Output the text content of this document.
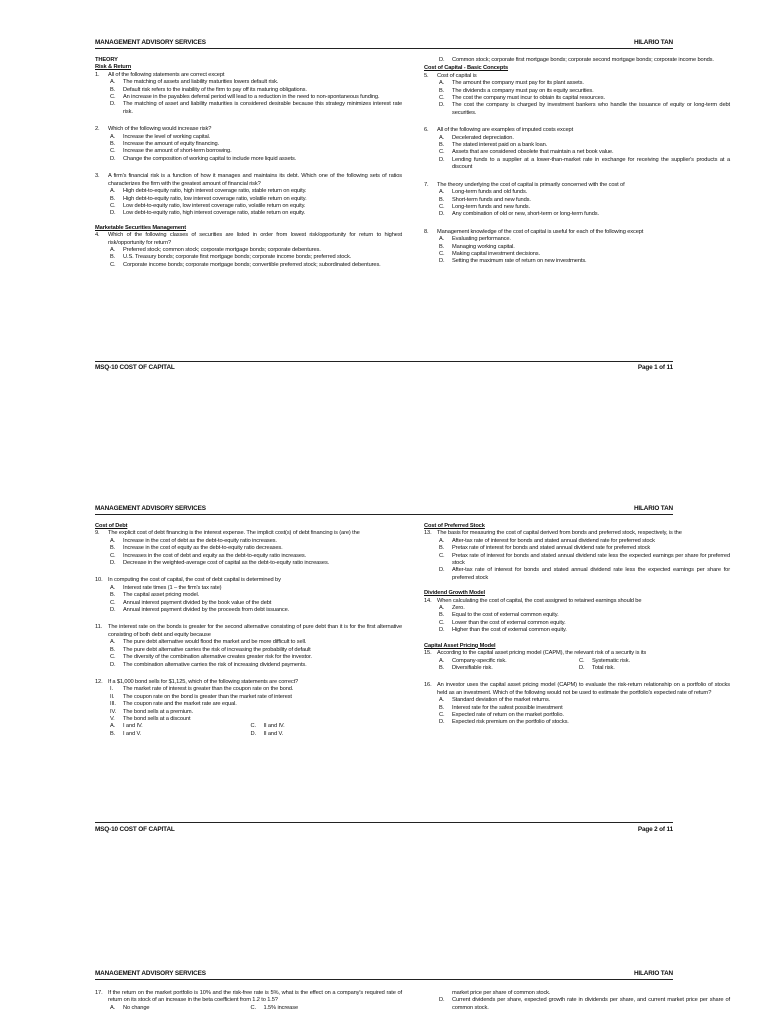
MANAGEMENT ADVISORY SERVICES	HILARIO TAN
THEORY
Risk & Return
1. All of the following statements are correct except
A. The matching of assets and liability maturities lowers default risk.
B. Default risk refers to the inability of the firm to pay off its maturing obligations.
C. An increase in the payables deferral period will lead to a reduction in the need to non-spontaneous funding.
D. The matching of asset and liability maturities is considered desirable because this strategy minimizes interest rate risk.
2. Which of the following would increase risk?
A. Increase the level of working capital.
B. Increase the amount of equity financing.
C. Increase the amount of short-term borrowing.
D. Change the composition of working capital to include more liquid assets.
3. A firm's financial risk is a function of how it manages and maintains its debt. Which one of the following sets of ratios characterizes the firm with the greatest amount of financial risk?
A. High debt-to-equity ratio, high interest coverage ratio, stable return on equity.
B. High debt-to-equity ratio, low interest coverage ratio, volatile return on equity.
C. Low debt-to-equity ratio, low interest coverage ratio, volatile return on equity.
D. Low debt-to-equity ratio, high interest coverage ratio, stable return on equity.
Marketable Securities Management
4. Which of the following classes of securities are listed in order from lowest risk/opportunity for return to highest risk/opportunity for return?
A. Preferred stock; common stock; corporate mortgage bonds; corporate debentures.
B. U.S. Treasury bonds; corporate first mortgage bonds; corporate income bonds; preferred stock.
C. Corporate income bonds; corporate mortgage bonds; convertible preferred stock; subordinated debentures.
D. Common stock; corporate first mortgage bonds; corporate second mortgage bonds; corporate income bonds.
Cost of Capital - Basic Concepts
5. Cost of capital is
A. The amount the company must pay for its plant assets.
B. The dividends a company must pay on its equity securities.
C. The cost the company must incur to obtain its capital resources.
D. The cost the company is charged by investment bankers who handle the issuance of equity or long-term debt securities.
6. All of the following are examples of imputed costs except
A. Decelerated depreciation.
B. The stated interest paid on a bank loan.
C. Assets that are considered obsolete that maintain a net book value.
D. Lending funds to a supplier at a lower-than-market rate in exchange for receiving the supplier's products at a discount
7. The theory underlying the cost of capital is primarily concerned with the cost of
A. Long-term funds and old funds.
B. Short-term funds and new funds.
C. Long-term funds and new funds.
D. Any combination of old or new, short-term or long-term funds.
8. Management knowledge of the cost of capital is useful for each of the following except
A. Evaluating performance.
B. Managing working capital.
C. Making capital investment decisions.
D. Setting the maximum rate of return on new investments.
MSQ-10 COST OF CAPITAL	Page 1 of 11
MANAGEMENT ADVISORY SERVICES	HILARIO TAN
Cost of Debt
9. The explicit cost of debt financing is the interest expense. The implicit cost(s) of debt financing is (are) the
A. Increase in the cost of debt as the debt-to-equity ratio increases.
B. Increase in the cost of equity as the debt-to-equity ratio decreases.
C. Increases in the cost of debt and equity as the debt-to-equity ratio increases.
D. Decrease in the weighted-average cost of capital as the debt-to-equity ratio increases.
10. In computing the cost of capital, the cost of debt capital is determined by
A. Interest rate times (1 – the firm's tax rate)
B. The capital asset pricing model.
C. Annual interest payment divided by the book value of the debt
D. Annual interest payment divided by the proceeds from debt issuance.
11. The interest rate on the bonds is greater for the second alternative consisting of pure debt than it is for the first alternative consisting of both debt and equity because
A. The pure debt alternative would flood the market and be more difficult to sell.
B. The pure debt alternative carries the risk of increasing the probability of default
C. The diversity of the combination alternative creates greater risk for the investor.
D. The combination alternative carries the risk of increasing dividend payments.
12. If a $1,000 bond sells for $1,125, which of the following statements are correct?
I. The market rate of interest is greater than the coupon rate on the bond.
II. The coupon rate on the bond is greater than the market rate of interest
III. The coupon rate and the market rate are equal.
IV. The bond sells at a premium.
V. The bond sells at a discount
A. I and IV.	C. II and IV.
B. I and V.	D. II and V.
Cost of Preferred Stock
13. The basis for measuring the cost of capital derived from bonds and preferred stock, respectively, is the
A. After-tax rate of interest for bonds and stated annual dividend rate for preferred stock
B. Pretax rate of interest for bonds and stated annual dividend rate for preferred stock
C. Pretax rate of interest for bonds and stated annual dividend rate less the expected earnings per share for preferred stock
D. After-tax rate of interest for bonds and stated annual dividend rate less the expected earnings per share for preferred stock
Dividend Growth Model
14. When calculating the cost of capital, the cost assigned to retained earnings should be
A. Zero.
B. Equal to the cost of external common equity.
C. Lower than the cost of external common equity.
D. Higher than the cost of external common equity.
Capital Asset Pricing Model
15. According to the capital asset pricing model (CAPM), the relevant risk of a security is its
A. Company-specific risk.	C. Systematic risk.
B. Diversifiable risk.	D. Total risk.
16. An investor uses the capital asset pricing model (CAPM) to evaluate the risk-return relationship on a portfolio of stocks held as an investment. Which of the following would not be used to estimate the portfolio's expected rate of return?
A. Standard deviation of the market returns.
B. Interest rate for the safest possible investment
C. Expected rate of return on the market portfolio.
D. Expected risk premium on the portfolio of stocks.
MSQ-10 COST OF CAPITAL	Page 2 of 11
MANAGEMENT ADVISORY SERVICES	HILARIO TAN
17. If the return on the market portfolio is 10% and the risk-free rate is 5%, what is the effect on a company's required rate of return on its stock of an increase in the beta coefficient from 1.2 to 1.5?
A. No change	C. 1.5% increase
market price per share of common stock.
D. Current dividends per share, expected growth rate in dividends per share, and current market price per share of common stock.
